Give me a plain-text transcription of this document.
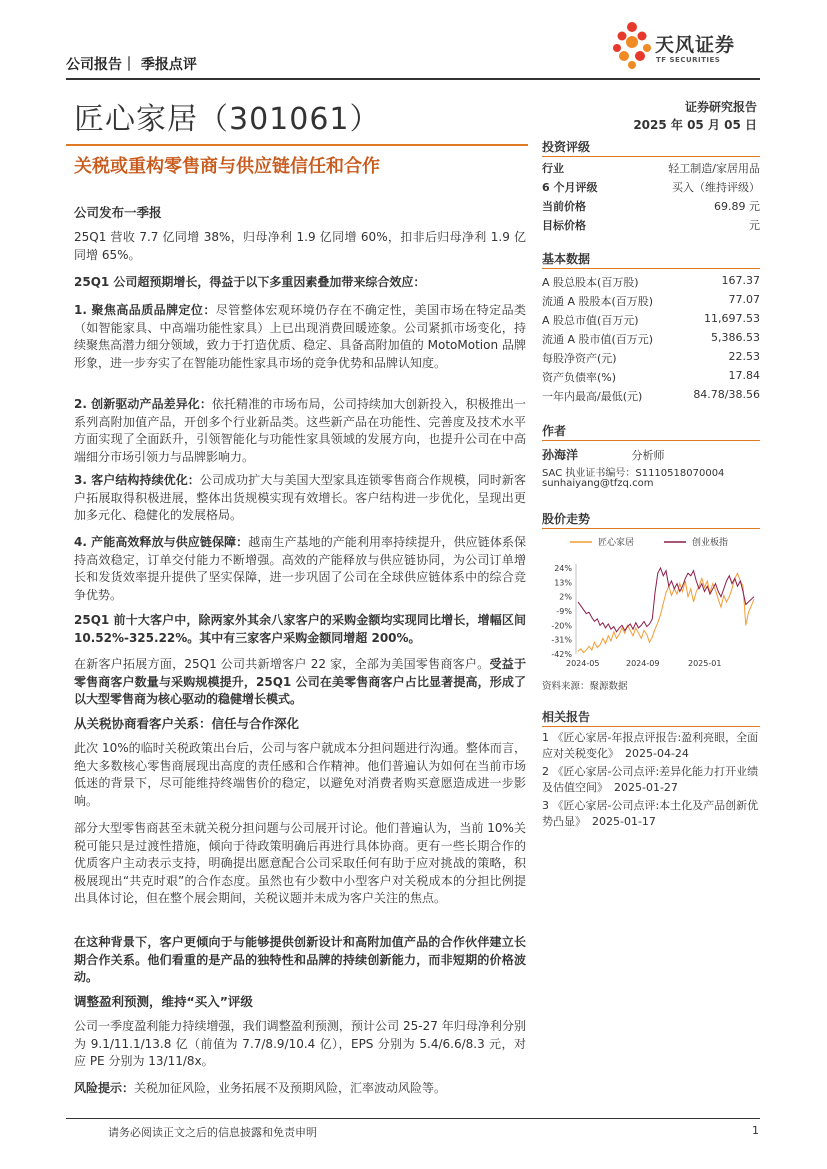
公司报告｜ 季报点评
天风证券
TF SECURITIES
匠心家居（301061）	证券研究报告
2025 年 05 月 05 日
关税或重构零售商与供应链信任和合作
公司发布一季报
25Q1 营收 7.7 亿同增 38%，归母净利 1.9 亿同增 60%，扣非后归母净利 1.9 亿同增 65%。
25Q1 公司超预期增长，得益于以下多重因素叠加带来综合效应：
1. 聚焦高品质品牌定位：尽管整体宏观环境仍存在不确定性，美国市场在特定品类（如智能家具、中高端功能性家具）上已出现消费回暖迹象。公司紧抓市场变化，持续聚焦高潜力细分领域，致力于打造优质、稳定、具备高附加值的 MotoMotion 品牌形象，进一步夯实了在智能功能性家具市场的竞争优势和品牌认知度。
2. 创新驱动产品差异化：依托精准的市场布局，公司持续加大创新投入，积极推出一系列高附加值产品，开创多个行业新品类。这些新产品在功能性、完善度及技术水平方面实现了全面跃升，引领智能化与功能性家具领域的发展方向，也提升公司在中高端细分市场引领力与品牌影响力。
3. 客户结构持续优化：公司成功扩大与美国大型家具连锁零售商合作规模，同时新客户拓展取得积极进展，整体出货规模实现有效增长。客户结构进一步优化，呈现出更加多元化、稳健化的发展格局。
4. 产能高效释放与供应链保障：越南生产基地的产能利用率持续提升，供应链体系保持高效稳定，订单交付能力不断增强。高效的产能释放与供应链协同，为公司订单增长和发货效率提升提供了坚实保障，进一步巩固了公司在全球供应链体系中的综合竞争优势。
25Q1 前十大客户中，除两家外其余八家客户的采购金额均实现同比增长，增幅区间 10.52%-325.22%。其中有三家客户采购金额同增超 200%。
在新客户拓展方面，25Q1 公司共新增客户 22 家，全部为美国零售商客户。受益于零售商客户数量与采购规模提升，25Q1 公司在美零售商客户占比显著提高，形成了以大型零售商为核心驱动的稳健增长模式。
从关税协商看客户关系：信任与合作深化
此次 10%的临时关税政策出台后，公司与客户就成本分担问题进行沟通。整体而言，绝大多数核心零售商展现出高度的责任感和合作精神。他们普遍认为如何在当前市场低迷的背景下，尽可能维持终端售价的稳定，以避免对消费者购买意愿造成进一步影响。
部分大型零售商甚至未就关税分担问题与公司展开讨论。他们普遍认为，当前 10%关税可能只是过渡性措施，倾向于待政策明确后再进行具体协商。更有一些长期合作的优质客户主动表示支持，明确提出愿意配合公司采取任何有助于应对挑战的策略，积极展现出“共克时艰”的合作态度。虽然也有少数中小型客户对关税成本的分担比例提出具体讨论，但在整个展会期间，关税议题并未成为客户关注的焦点。
在这种背景下，客户更倾向于与能够提供创新设计和高附加值产品的合作伙伴建立长期合作关系。他们看重的是产品的独特性和品牌的持续创新能力，而非短期的价格波动。
调整盈利预测，维持“买入”评级
公司一季度盈利能力持续增强，我们调整盈利预测，预计公司 25-27 年归母净利分别为 9.1/11.1/13.8 亿（前值为 7.7/8.9/10.4 亿），EPS 分别为 5.4/6.6/8.3 元，对应 PE 分别为 13/11/8x。
风险提示：关税加征风险，业务拓展不及预期风险，汇率波动风险等。
投资评级
行业	轻工制造/家居用品
6 个月评级	买入（维持评级）
当前价格	69.89 元
目标价格	元
基本数据
A 股总股本(百万股)	167.37
流通 A 股股本(百万股)	77.07
A 股总市值(百万元)	11,697.53
流通 A 股市值(百万元)	5,386.53
每股净资产(元)	22.53
资产负债率(%)	17.84
一年内最高/最低(元)	84.78/38.56
作者
孙海洋	分析师
SAC 执业证书编号：S1110518070004
sunhaiyang@tfzq.com
股价走势
匠心家居	创业板指
24%
13%
2%
-9%
-20%
-31%
-42%
2024-05	2024-09	2025-01
资料来源：聚源数据
相关报告
1 《匠心家居-年报点评报告:盈利亮眼，全面应对关税变化》 2025-04-24
2 《匠心家居-公司点评:差异化能力打开业绩及估值空间》 2025-01-27
3 《匠心家居-公司点评:本土化及产品创新优势凸显》 2025-01-17
请务必阅读正文之后的信息披露和免责申明	1
